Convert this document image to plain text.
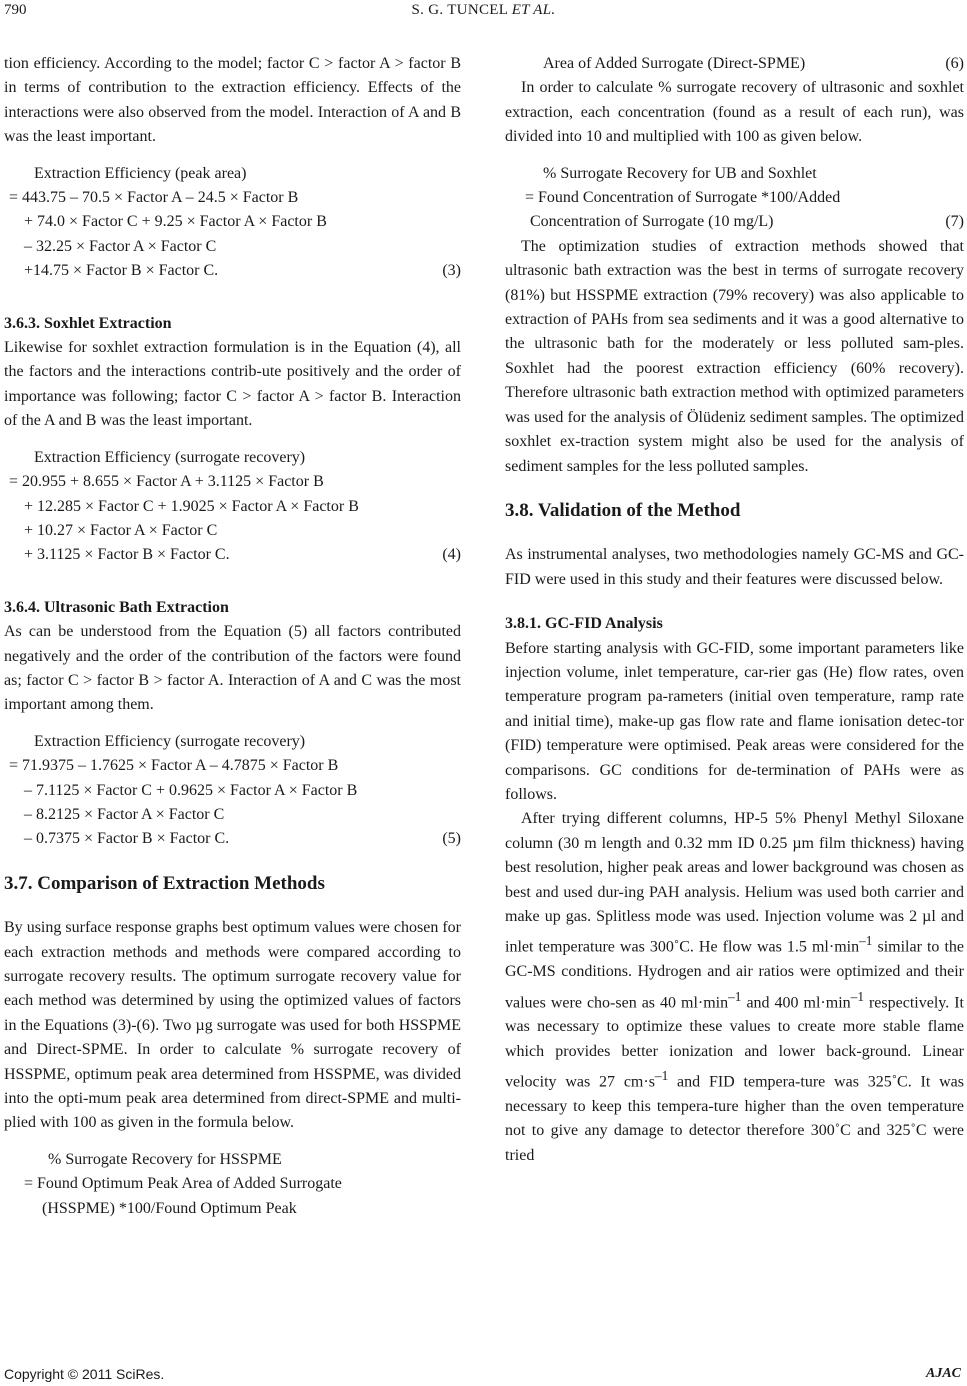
790	S. G. TUNCEL ET AL.

tion efficiency. According to the model; factor C > factor A > factor B in terms of contribution to the extraction efficiency. Effects of the interactions were also observed from the model. Interaction of A and B was the least important.

Extraction Efficiency (peak area)
= 443.75 – 70.5 × Factor A – 24.5 × Factor B
+ 74.0 × Factor C + 9.25 × Factor A × Factor B
– 32.25 × Factor A × Factor C
+14.75 × Factor B × Factor C.	(3)

3.6.3. Soxhlet Extraction

Likewise for soxhlet extraction formulation is in the Equation (4), all the factors and the interactions contrib-ute positively and the order of importance was following; factor C > factor A > factor B. Interaction of the A and B was the least important.

Extraction Efficiency (surrogate recovery)
= 20.955 + 8.655 × Factor A + 3.1125 × Factor B
+ 12.285 × Factor C + 1.9025 × Factor A × Factor B
+ 10.27 × Factor A × Factor C
+ 3.1125 × Factor B × Factor C.	(4)

3.6.4. Ultrasonic Bath Extraction

As can be understood from the Equation (5) all factors contributed negatively and the order of the contribution of the factors were found as; factor C > factor B > factor A. Interaction of A and C was the most important among them.

Extraction Efficiency (surrogate recovery)
= 71.9375 – 1.7625 × Factor A – 4.7875 × Factor B
– 7.1125 × Factor C + 0.9625 × Factor A × Factor B
– 8.2125 × Factor A × Factor C
– 0.7375 × Factor B × Factor C.	(5)

3.7. Comparison of Extraction Methods

By using surface response graphs best optimum values were chosen for each extraction methods and methods were compared according to surrogate recovery results. The optimum surrogate recovery value for each method was determined by using the optimized values of factors in the Equations (3)-(6). Two µg surrogate was used for both HSSPME and Direct-SPME. In order to calculate % surrogate recovery of HSSPME, optimum peak area determined from HSSPME, was divided into the opti-mum peak area determined from direct-SPME and multi-plied with 100 as given in the formula below.

% Surrogate Recovery for HSSPME
= Found Optimum Peak Area of Added Surrogate
(HSSPME) *100/Found Optimum Peak
Area of Added Surrogate (Direct-SPME)	(6)

In order to calculate % surrogate recovery of ultrasonic and soxhlet extraction, each concentration (found as a result of each run), was divided into 10 and multiplied with 100 as given below.

% Surrogate Recovery for UB and Soxhlet
= Found Concentration of Surrogate *100/Added
Concentration of Surrogate (10 mg/L)	(7)

The optimization studies of extraction methods showed that ultrasonic bath extraction was the best in terms of surrogate recovery (81%) but HSSPME extraction (79% recovery) was also applicable to extraction of PAHs from sea sediments and it was a good alternative to the ultrasonic bath for the moderately or less polluted sam-ples. Soxhlet had the poorest extraction efficiency (60% recovery). Therefore ultrasonic bath extraction method with optimized parameters was used for the analysis of Ölüdeniz sediment samples. The optimized soxhlet ex-traction system might also be used for the analysis of sediment samples for the less polluted samples.

3.8. Validation of the Method

As instrumental analyses, two methodologies namely GC-MS and GC-FID were used in this study and their features were discussed below.

3.8.1. GC-FID Analysis

Before starting analysis with GC-FID, some important parameters like injection volume, inlet temperature, car-rier gas (He) flow rates, oven temperature program pa-rameters (initial oven temperature, ramp rate and initial time), make-up gas flow rate and flame ionisation detec-tor (FID) temperature were optimised. Peak areas were considered for the comparisons. GC conditions for de-termination of PAHs were as follows.

After trying different columns, HP-5 5% Phenyl Methyl Siloxane column (30 m length and 0.32 mm ID 0.25 µm film thickness) having best resolution, higher peak areas and lower background was chosen as best and used dur-ing PAH analysis. Helium was used both carrier and make up gas. Splitless mode was used. Injection volume was 2 µl and inlet temperature was 300˚C. He flow was 1.5 $ml\cdot\min^{-1}$ similar to the GC-MS conditions. Hydrogen and air ratios were optimized and their values were cho-sen as 40 $ml\cdot\min^{-1}$ and 400 $ml\cdot\min^{-1}$ respectively. It was necessary to optimize these values to create more stable flame which provides better ionization and lower back-ground. Linear velocity was 27 $cm\cdot s^{-1}$ and FID tempera-ture was 325˚C. It was necessary to keep this tempera-ture higher than the oven temperature not to give any damage to detector therefore 300˚C and 325˚C were tried

Copyright © 2011 SciRes.	AJAC
